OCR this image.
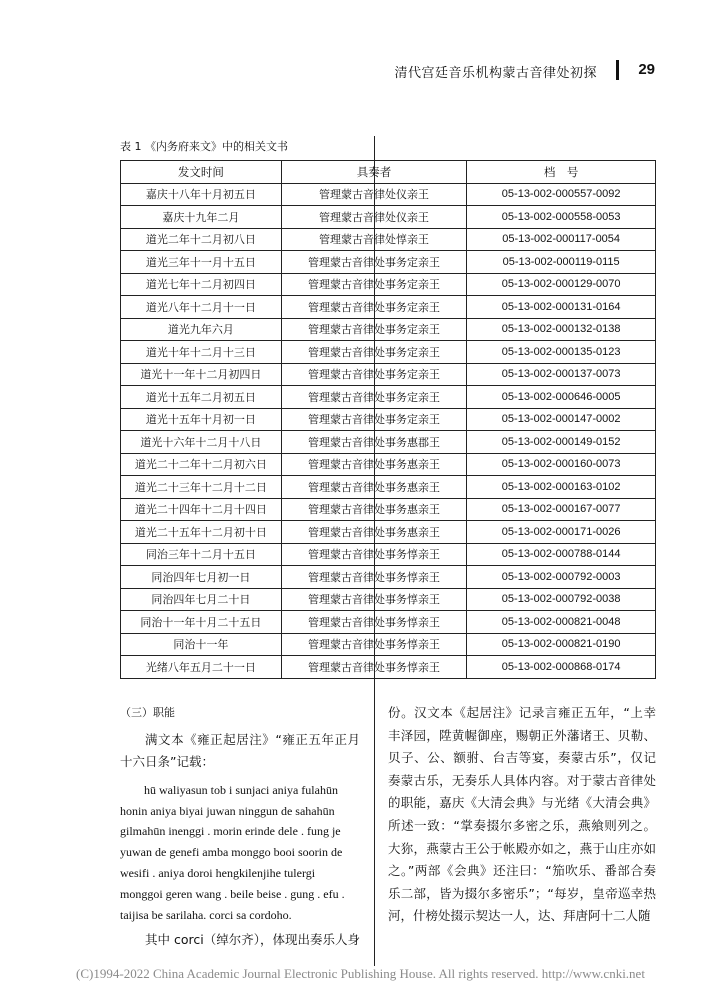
清代宫廷音乐机构蒙古音律处初探	29
表 1 《内务府来文》中的相关文书
发文时间	具奏者	档　号
嘉庆十八年十月初五日	管理蒙古音律处仪亲王	05-13-002-000557-0092
嘉庆十九年二月	管理蒙古音律处仪亲王	05-13-002-000558-0053
道光二年十二月初八日	管理蒙古音律处惇亲王	05-13-002-000117-0054
道光三年十一月十五日	管理蒙古音律处事务定亲王	05-13-002-000119-0115
道光七年十二月初四日	管理蒙古音律处事务定亲王	05-13-002-000129-0070
道光八年十二月十一日	管理蒙古音律处事务定亲王	05-13-002-000131-0164
道光九年六月	管理蒙古音律处事务定亲王	05-13-002-000132-0138
道光十年十二月十三日	管理蒙古音律处事务定亲王	05-13-002-000135-0123
道光十一年十二月初四日	管理蒙古音律处事务定亲王	05-13-002-000137-0073
道光十五年二月初五日	管理蒙古音律处事务定亲王	05-13-002-000646-0005
道光十五年十月初一日	管理蒙古音律处事务定亲王	05-13-002-000147-0002
道光十六年十二月十八日	管理蒙古音律处事务惠郡王	05-13-002-000149-0152
道光二十二年十二月初六日	管理蒙古音律处事务惠亲王	05-13-002-000160-0073
道光二十三年十二月十二日	管理蒙古音律处事务惠亲王	05-13-002-000163-0102
道光二十四年十二月十四日	管理蒙古音律处事务惠亲王	05-13-002-000167-0077
道光二十五年十二月初十日	管理蒙古音律处事务惠亲王	05-13-002-000171-0026
同治三年十二月十五日	管理蒙古音律处事务惇亲王	05-13-002-000788-0144
同治四年七月初一日	管理蒙古音律处事务惇亲王	05-13-002-000792-0003
同治四年七月二十日	管理蒙古音律处事务惇亲王	05-13-002-000792-0038
同治十一年十月二十五日	管理蒙古音律处事务惇亲王	05-13-002-000821-0048
同治十一年	管理蒙古音律处事务惇亲王	05-13-002-000821-0190
光绪八年五月二十一日	管理蒙古音律处事务惇亲王	05-13-002-000868-0174
（三）职能
满文本《雍正起居注》“雍正五年正月十六日条”记载：
hū waliyasun tob i sunjaci aniya fulahūn honin aniya biyai juwan ninggun de sahahūn gilmahūn inenggi . morin erinde dele . fung je yuwan de genefi amba monggo booi soorin de wesifi . aniya doroi hengkilenjihe tulergi monggoi geren wang . beile beise . gung . efu . taijisa be sarilaha. corci sa cordoho.
其中 corci（绰尔齐），体现出奏乐人身
份。汉文本《起居注》记录言雍正五年，“上幸丰泽园，陞黄幄御座，赐朝正外藩诸王、贝勒、贝子、公、额驸、台吉等宴，奏蒙古乐”，仅记奏蒙古乐，无奏乐人具体内容。对于蒙古音律处的职能，嘉庆《大清会典》与光绪《大清会典》所述一致：“掌奏掇尔多密之乐，燕飨则列之。大狝，燕蒙古王公于帐殿亦如之，燕于山庄亦如之。”两部《会典》还注曰：“笳吹乐、番部合奏乐二部，皆为掇尔多密乐”；“每岁，皇帝巡幸热河，什榜处掇示契达一人，达、拜唐阿十二人随
(C)1994-2022 China Academic Journal Electronic Publishing House. All rights reserved. http://www.cnki.net
